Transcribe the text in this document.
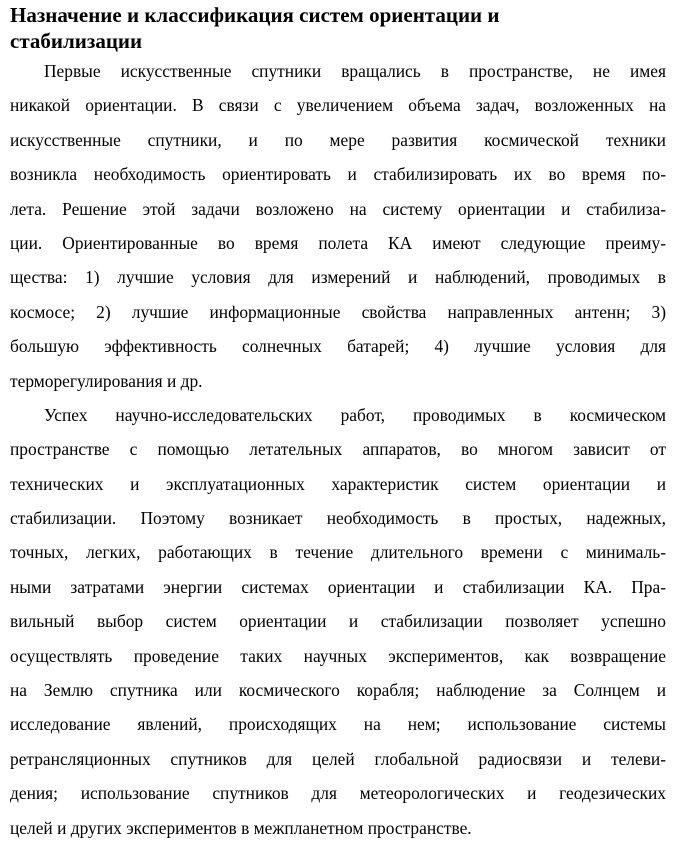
Назначение и классификация систем ориентации и
стабилизации
Первые искусственные спутники вращались в пространстве, не имея
никакой ориентации. В связи с увеличением объема задач, возложенных на
искусственные спутники, и по мере развития космической техники
возникла необходимость ориентировать и стабилизировать их во время по-
лета. Решение этой задачи возложено на систему ориентации и стабилиза-
ции. Ориентированные во время полета КА имеют следующие преиму-
щества: 1) лучшие условия для измерений и наблюдений, проводимых в
космосе; 2) лучшие информационные свойства направленных антенн; 3)
большую эффективность солнечных батарей; 4) лучшие условия для
терморегулирования и др.
Успех научно-исследовательских работ, проводимых в космическом
пространстве с помощью летательных аппаратов, во многом зависит от
технических и эксплуатационных характеристик систем ориентации и
стабилизации. Поэтому возникает необходимость в простых, надежных,
точных, легких, работающих в течение длительного времени с минималь-
ными затратами энергии системах ориентации и стабилизации КА. Пра-
вильный выбор систем ориентации и стабилизации позволяет успешно
осуществлять проведение таких научных экспериментов, как возвращение
на Землю спутника или космического корабля; наблюдение за Солнцем и
исследование явлений, происходящих на нем; использование системы
ретрансляционных спутников для целей глобальной радиосвязи и телеви-
дения; использование спутников для метеорологических и геодезических
целей и других экспериментов в межпланетном пространстве.
